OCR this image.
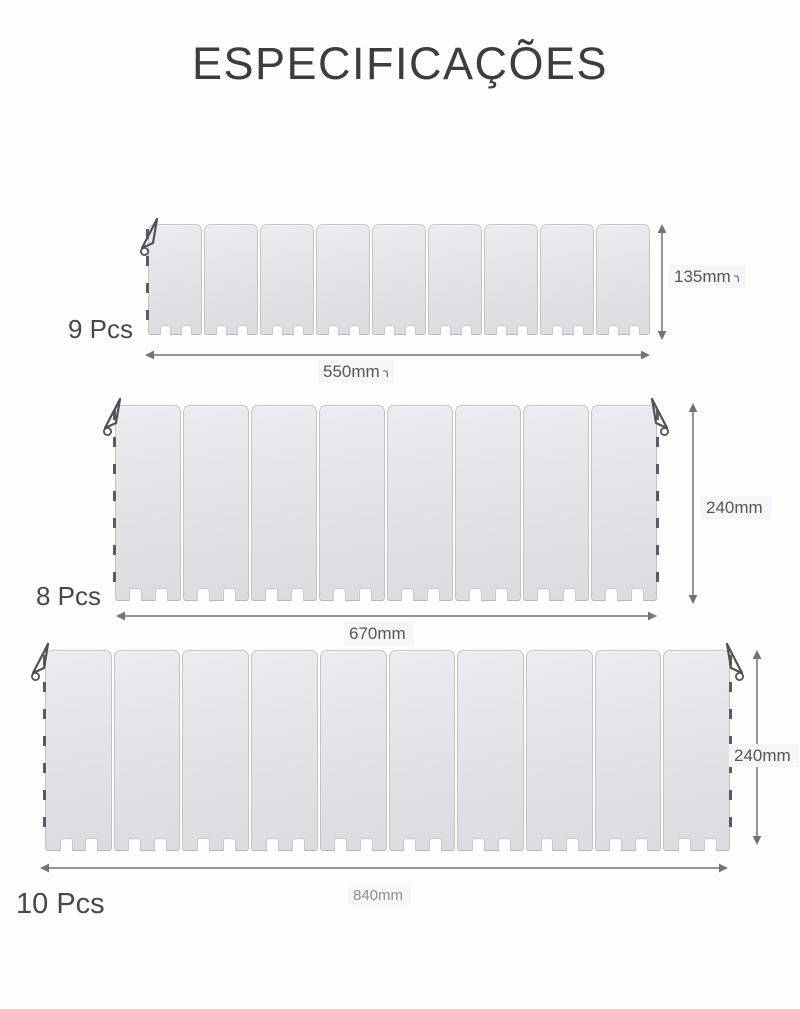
ESPECIFICAÇÕES
9 Pcs
135mm ר
550mm ר
8 Pcs
240mm
670mm
10 Pcs
240mm
840mm
